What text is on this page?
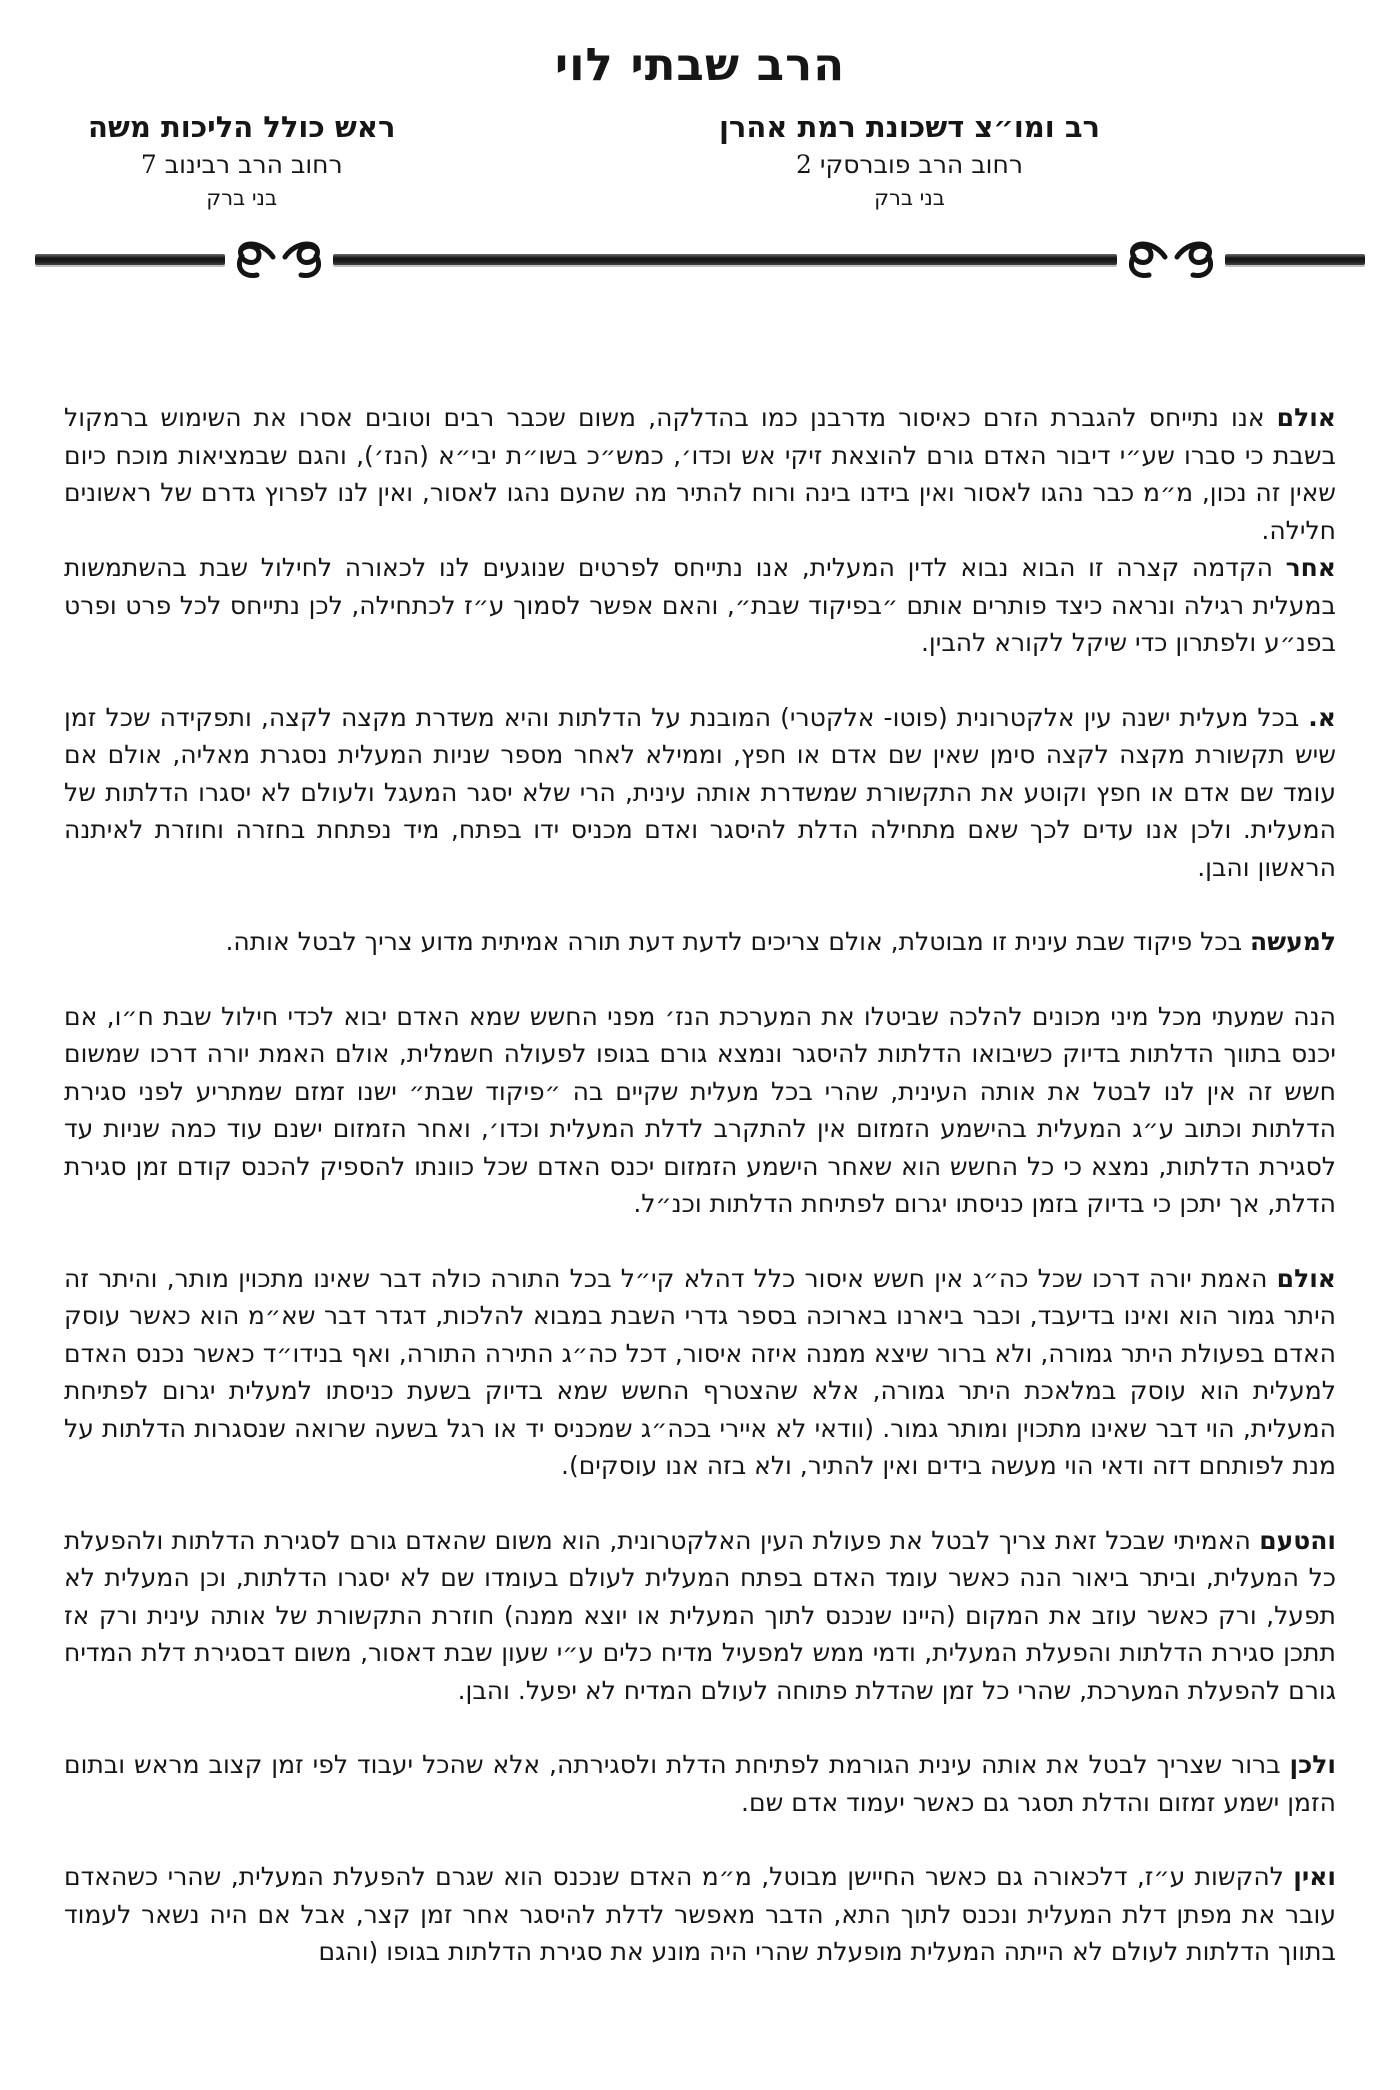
הרב שבתי לוי
רב ומו״צ דשכונת רמת אהרן
רחוב הרב פוברסקי 2
בני ברק
ראש כולל הליכות משה
רחוב הרב רבינוב 7
בני ברק

אולם אנו נתייחס להגברת הזרם כאיסור מדרבנן כמו בהדלקה, משום שכבר רבים וטובים אסרו את השימוש ברמקול בשבת כי סברו שע״י דיבור האדם גורם להוצאת זיקי אש וכדו׳, כמש״כ בשו״ת יבי״א (הנז׳), והגם שבמציאות מוכח כיום שאין זה נכון, מ״מ כבר נהגו לאסור ואין בידנו בינה ורוח להתיר מה שהעם נהגו לאסור, ואין לנו לפרוץ גדרם של ראשונים חלילה.

אחר הקדמה קצרה זו הבוא נבוא לדין המעלית, אנו נתייחס לפרטים שנוגעים לנו לכאורה לחילול שבת בהשתמשות במעלית רגילה ונראה כיצד פותרים אותם ״בפיקוד שבת״, והאם אפשר לסמוך ע״ז לכתחילה, לכן נתייחס לכל פרט ופרט בפנ״ע ולפתרון כדי שיקל לקורא להבין.

א. בכל מעלית ישנה עין אלקטרונית (פוטו- אלקטרי) המובנת על הדלתות והיא משדרת מקצה לקצה, ותפקידה שכל זמן שיש תקשורת מקצה לקצה סימן שאין שם אדם או חפץ, וממילא לאחר מספר שניות המעלית נסגרת מאליה, אולם אם עומד שם אדם או חפץ וקוטע את התקשורת שמשדרת אותה עינית, הרי שלא יסגר המעגל ולעולם לא יסגרו הדלתות של המעלית. ולכן אנו עדים לכך שאם מתחילה הדלת להיסגר ואדם מכניס ידו בפתח, מיד נפתחת בחזרה וחוזרת לאיתנה הראשון והבן.

למעשה בכל פיקוד שבת עינית זו מבוטלת, אולם צריכים לדעת דעת תורה אמיתית מדוע צריך לבטל אותה.

הנה שמעתי מכל מיני מכונים להלכה שביטלו את המערכת הנז׳ מפני החשש שמא האדם יבוא לכדי חילול שבת ח״ו, אם יכנס בתווך הדלתות בדיוק כשיבואו הדלתות להיסגר ונמצא גורם בגופו לפעולה חשמלית, אולם האמת יורה דרכו שמשום חשש זה אין לנו לבטל את אותה העינית, שהרי בכל מעלית שקיים בה ״פיקוד שבת״ ישנו זמזם שמתריע לפני סגירת הדלתות וכתוב ע״ג המעלית בהישמע הזמזום אין להתקרב לדלת המעלית וכדו׳, ואחר הזמזום ישנם עוד כמה שניות עד לסגירת הדלתות, נמצא כי כל החשש הוא שאחר הישמע הזמזום יכנס האדם שכל כוונתו להספיק להכנס קודם זמן סגירת הדלת, אך יתכן כי בדיוק בזמן כניסתו יגרום לפתיחת הדלתות וכנ״ל.

אולם האמת יורה דרכו שכל כה״ג אין חשש איסור כלל דהלא קי״ל בכל התורה כולה דבר שאינו מתכוין מותר, והיתר זה היתר גמור הוא ואינו בדיעבד, וכבר ביארנו בארוכה בספר גדרי השבת במבוא להלכות, דגדר דבר שא״מ הוא כאשר עוסק האדם בפעולת היתר גמורה, ולא ברור שיצא ממנה איזה איסור, דכל כה״ג התירה התורה, ואף בנידו״ד כאשר נכנס האדם למעלית הוא עוסק במלאכת היתר גמורה, אלא שהצטרף החשש שמא בדיוק בשעת כניסתו למעלית יגרום לפתיחת המעלית, הוי דבר שאינו מתכוין ומותר גמור. (וודאי לא איירי בכה״ג שמכניס יד או רגל בשעה שרואה שנסגרות הדלתות על מנת לפותחם דזה ודאי הוי מעשה בידים ואין להתיר, ולא בזה אנו עוסקים).

והטעם האמיתי שבכל זאת צריך לבטל את פעולת העין האלקטרונית, הוא משום שהאדם גורם לסגירת הדלתות ולהפעלת כל המעלית, וביתר ביאור הנה כאשר עומד האדם בפתח המעלית לעולם בעומדו שם לא יסגרו הדלתות, וכן המעלית לא תפעל, ורק כאשר עוזב את המקום (היינו שנכנס לתוך המעלית או יוצא ממנה) חוזרת התקשורת של אותה עינית ורק אז תתכן סגירת הדלתות והפעלת המעלית, ודמי ממש למפעיל מדיח כלים ע״י שעון שבת דאסור, משום דבסגירת דלת המדיח גורם להפעלת המערכת, שהרי כל זמן שהדלת פתוחה לעולם המדיח לא יפעל. והבן.

ולכן ברור שצריך לבטל את אותה עינית הגורמת לפתיחת הדלת ולסגירתה, אלא שהכל יעבוד לפי זמן קצוב מראש ובתום הזמן ישמע זמזום והדלת תסגר גם כאשר יעמוד אדם שם.

ואין להקשות ע״ז, דלכאורה גם כאשר החיישן מבוטל, מ״מ האדם שנכנס הוא שגרם להפעלת המעלית, שהרי כשהאדם עובר את מפתן דלת המעלית ונכנס לתוך התא, הדבר מאפשר לדלת להיסגר אחר זמן קצר, אבל אם היה נשאר לעמוד בתווך הדלתות לעולם לא הייתה המעלית מופעלת שהרי היה מונע את סגירת הדלתות בגופו (והגם
